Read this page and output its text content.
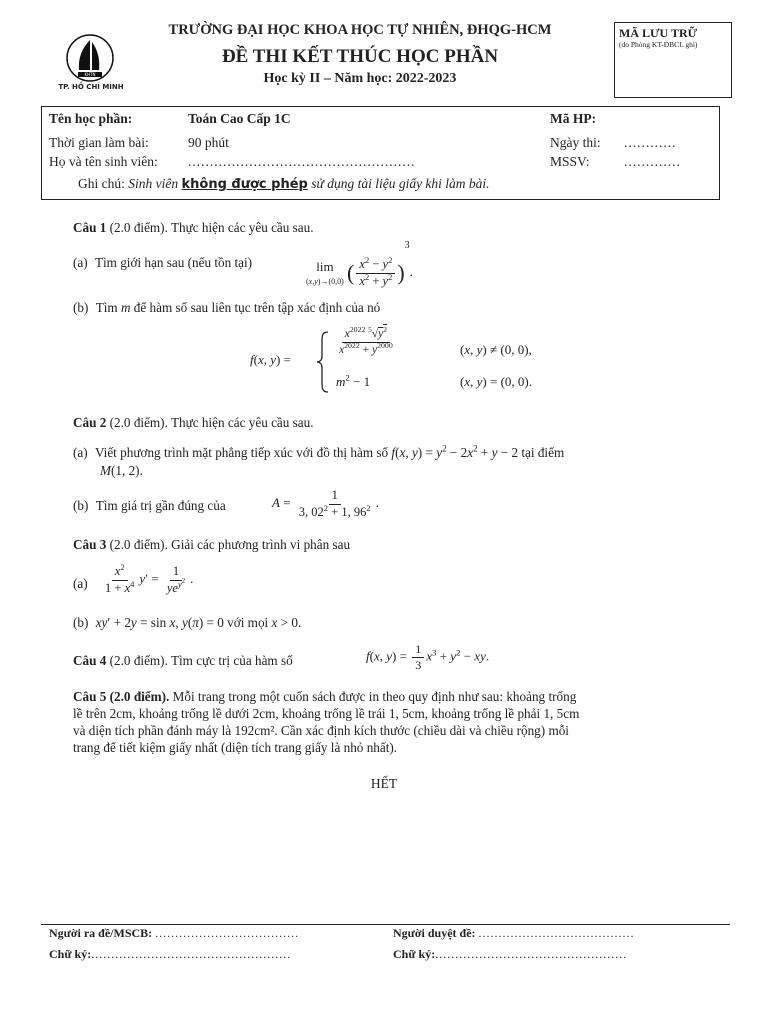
KHTN
TP. HỒ CHÍ MINH
TRƯỜNG ĐẠI HỌC KHOA HỌC TỰ NHIÊN, ĐHQG-HCM
ĐỀ THI KẾT THÚC HỌC PHẦN
Học kỳ II – Năm học: 2022-2023
MÃ LƯU TRỮ
(do Phòng KT-ĐBCL ghi)
Tên học phần:	Toán Cao Cấp 1C	Mã HP:
Thời gian làm bài:	90 phút	Ngày thi: ............
Họ và tên sinh viên: ....................................................	MSSV:	.............
Ghi chú: Sinh viên không được phép sử dụng tài liệu giấy khi làm bài.
Câu 1 (2.0 điểm). Thực hiện các yêu cầu sau.
(a) Tìm giới hạn sau (nếu tồn tại)	lim
(x,y)→(0,0) ( $\frac{x^2 - y^2}{x^2 + y^2} )^3$.
(b) Tìm m để hàm số sau liên tục trên tập xác định của nó
f(x, y) =
$\frac{x^{2022} ^5√y^2}{x^{2022} + y^{2000}}$	(x, y) ≠ (0, 0),
$m^2 - 1$	(x, y) = (0, 0).
Câu 2 (2.0 điểm). Thực hiện các yêu cầu sau.
(a) Viết phương trình mặt phẳng tiếp xúc với đồ thị hàm số f(x, $y) = y^2 - 2x^2 + y - 2$ tại điểm
M(1, 2).
(b) Tìm giá trị gần đúng của	$A = \frac{1}{3, 02^2 + 1, 96^2}$ .
Câu 3 (2.0 điểm). Giải các phương trình vi phân sau
$(a) \frac{x^2}{1 + x^4} y' = \frac{1}{ye^{y^2}}$ .
(b) xy′ + 2y = sin x, y(π) = 0 với mọi x > 0.
Câu 4 (2.0 điểm). Tìm cực trị của hàm số	f(x, $y) = \frac{1}{3} x^3 + y^2$ − xy.
Câu 5 (2.0 điểm). Mỗi trang trong một cuốn sách được in theo quy định như sau: khoảng trống
lề trên 2cm, khoảng trống lề dưới 2cm, khoảng trống lề trái 1, 5cm, khoảng trống lề phải 1, 5cm
và diện tích phần đánh máy là 192cm². Cần xác định kích thước (chiều dài và chiều rộng) mỗi
trang để tiết kiệm giấy nhất (diện tích trang giấy là nhỏ nhất).
HẾT
Người ra đề/MSCB: ....................................	Người duyệt đề: .......................................
Chữ ký:..................................................	Chữ ký:................................................
